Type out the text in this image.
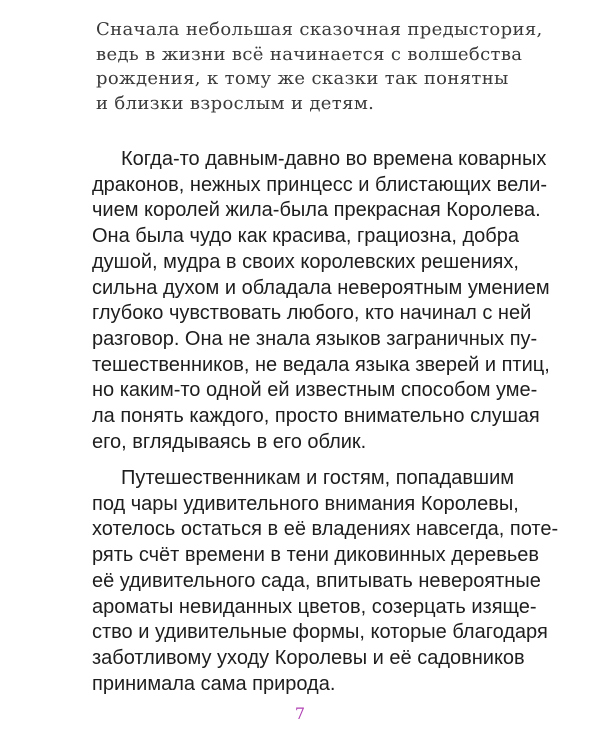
Сначала небольшая сказочная предыстория,
ведь в жизни всё начинается с волшебства
рождения, к тому же сказки так понятны
и близки взрослым и детям.

Когда-то давным-давно во времена коварных
драконов, нежных принцесс и блистающих вели-
чием королей жила-была прекрасная Королева.
Она была чудо как красива, грациозна, добра
душой, мудра в своих королевских решениях,
сильна духом и обладала невероятным умением
глубоко чувствовать любого, кто начинал с ней
разговор. Она не знала языков заграничных пу-
тешественников, не ведала языка зверей и птиц,
но каким-то одной ей известным способом уме-
ла понять каждого, просто внимательно слушая
его, вглядываясь в его облик.

Путешественникам и гостям, попадавшим
под чары удивительного внимания Королевы,
хотелось остаться в её владениях навсегда, поте-
рять счёт времени в тени диковинных деревьев
её удивительного сада, впитывать невероятные
ароматы невиданных цветов, созерцать изяще-
ство и удивительные формы, которые благодаря
заботливому уходу Королевы и её садовников
принимала сама природа.

7
